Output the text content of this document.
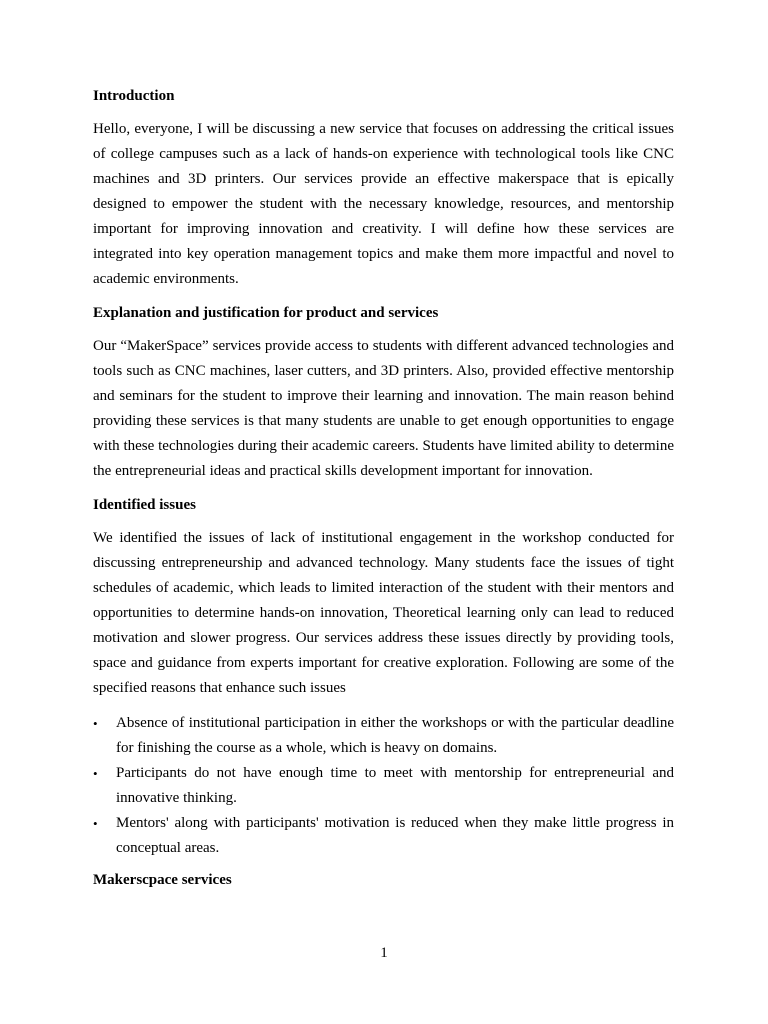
Introduction

Hello, everyone, I will be discussing a new service that focuses on addressing the critical issues of college campuses such as a lack of hands-on experience with technological tools like CNC machines and 3D printers. Our services provide an effective makerspace that is epically designed to empower the student with the necessary knowledge, resources, and mentorship important for improving innovation and creativity. I will define how these services are integrated into key operation management topics and make them more impactful and novel to academic environments.

Explanation and justification for product and services

Our “MakerSpace” services provide access to students with different advanced technologies and tools such as CNC machines, laser cutters, and 3D printers. Also, provided effective mentorship and seminars for the student to improve their learning and innovation. The main reason behind providing these services is that many students are unable to get enough opportunities to engage with these technologies during their academic careers. Students have limited ability to determine the entrepreneurial ideas and practical skills development important for innovation.

Identified issues

We identified the issues of lack of institutional engagement in the workshop conducted for discussing entrepreneurship and advanced technology. Many students face the issues of tight schedules of academic, which leads to limited interaction of the student with their mentors and opportunities to determine hands-on innovation, Theoretical learning only can lead to reduced motivation and slower progress. Our services address these issues directly by providing tools, space and guidance from experts important for creative exploration. Following are some of the specified reasons that enhance such issues

• Absence of institutional participation in either the workshops or with the particular deadline for finishing the course as a whole, which is heavy on domains.
• Participants do not have enough time to meet with mentorship for entrepreneurial and innovative thinking.
• Mentors' along with participants' motivation is reduced when they make little progress in conceptual areas.
Makerscpace services
1
